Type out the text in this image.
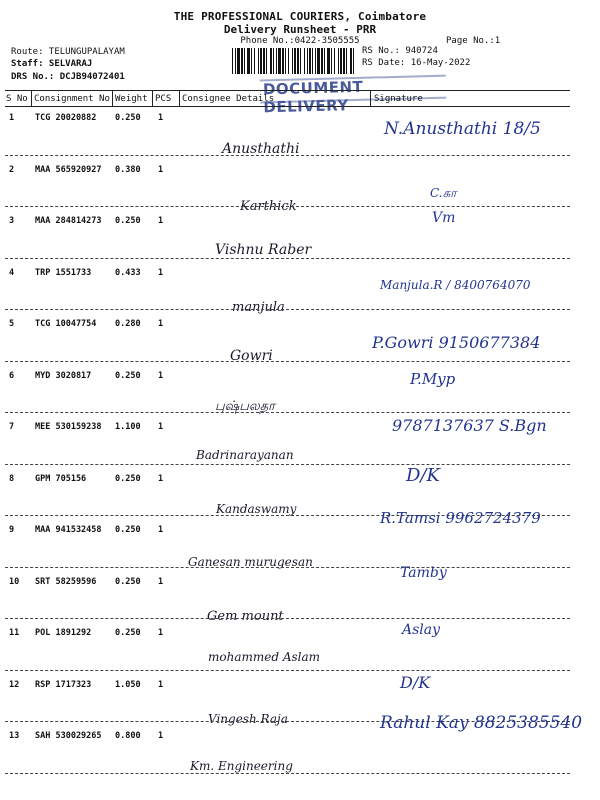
THE PROFESSIONAL COURIERS, Coimbatore
Delivery Runsheet - PRR
Phone No.:0422-3505555	Page No.:1
Route: TELUNGUPALAYAM
Staff: SELVARAJ
DRS No.: DCJB94072401
RS No.: 940724
RS Date: 16-May-2022
DOCUMENT DELIVERY
S No Consignment No Weight PCS Consignee Details	Signature
1 TCG 20020882 0.250 1
Anusthathi
N.Anusthathi 18/5
2 MAA 565920927 0.380 1
Karthick
C.கா
3 MAA 284814273 0.250 1
Vishnu Raber
Vm
4 TRP 1551733	0.433 1
manjula
Manjula.R / 8400764070
5 TCG 10047754 0.280 1
Gowri
P.Gowri 9150677384
6 MYD 3020817	0.250 1
புஷ்பலதா
P.Myp
7 MEE 530159238 1.100 1
Badrinarayanan
9787137637 S.Bgn
8 GPM 705156	0.250 1
Kandaswamy
D/K
9 MAA 941532458 0.250 1
Ganesan murugesan
R.Tamsi 9962724379
10 SRT 58259596 0.250 1
Gem mount
Tamby
11 POL 1891292	0.250 1
mohammed Aslam
Aslay
12 RSP 1717323	1.050 1
Vingesh Raja
D/K
13 SAH 530029265 0.800 1
Km. Engineering
Rahul Kay 8825385540
